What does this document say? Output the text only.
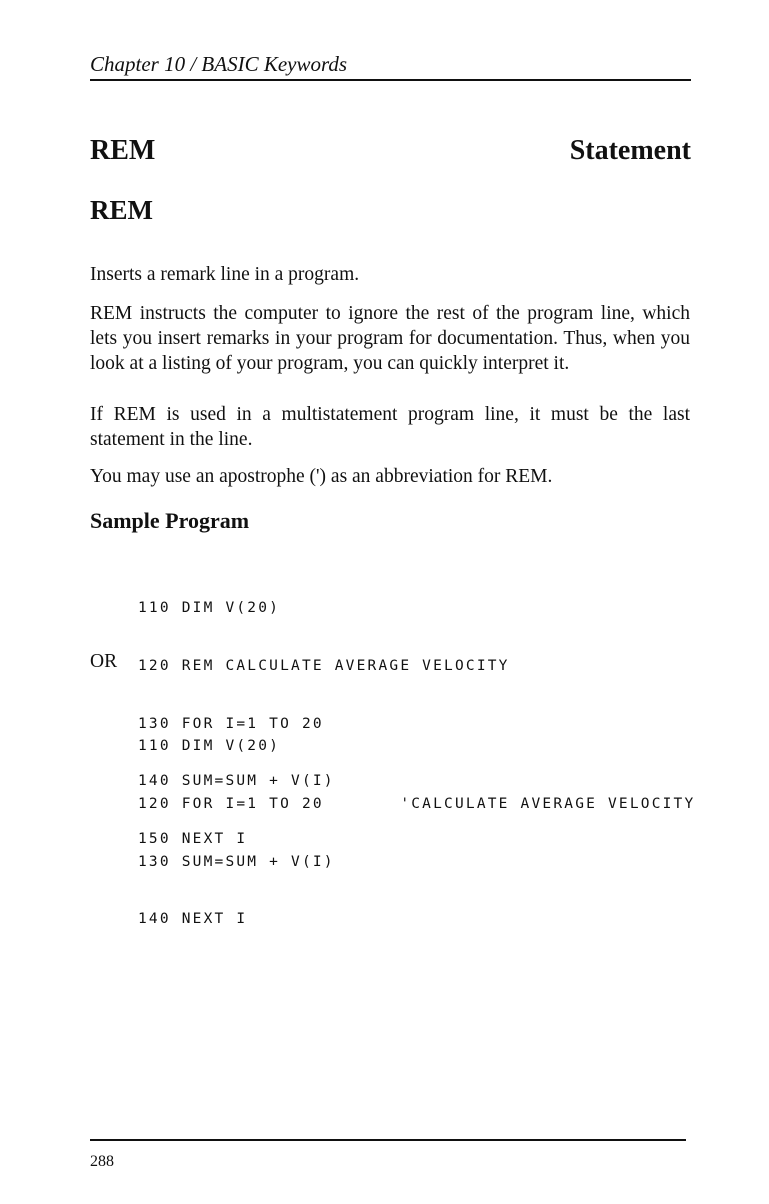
Chapter 10 / BASIC Keywords
REM	Statement
REM

Inserts a remark line in a program.

REM instructs the computer to ignore the rest of the program line, which lets you insert remarks in your program for documentation. Thus, when you look at a listing of your program, you can quickly interpret it.

If REM is used in a multistatement program line, it must be the last statement in the line.

You may use an apostrophe (') as an abbreviation for REM.

Sample Program

110 DIM V(20)

120 REM CALCULATE AVERAGE VELOCITY

130 FOR I=1 TO 20

140 SUM=SUM + V(I)

150 NEXT I

OR

110 DIM V(20)

120 FOR I=1 TO 20       'CALCULATE AVERAGE VELOCITY

130 SUM=SUM + V(I)

140 NEXT I

288
